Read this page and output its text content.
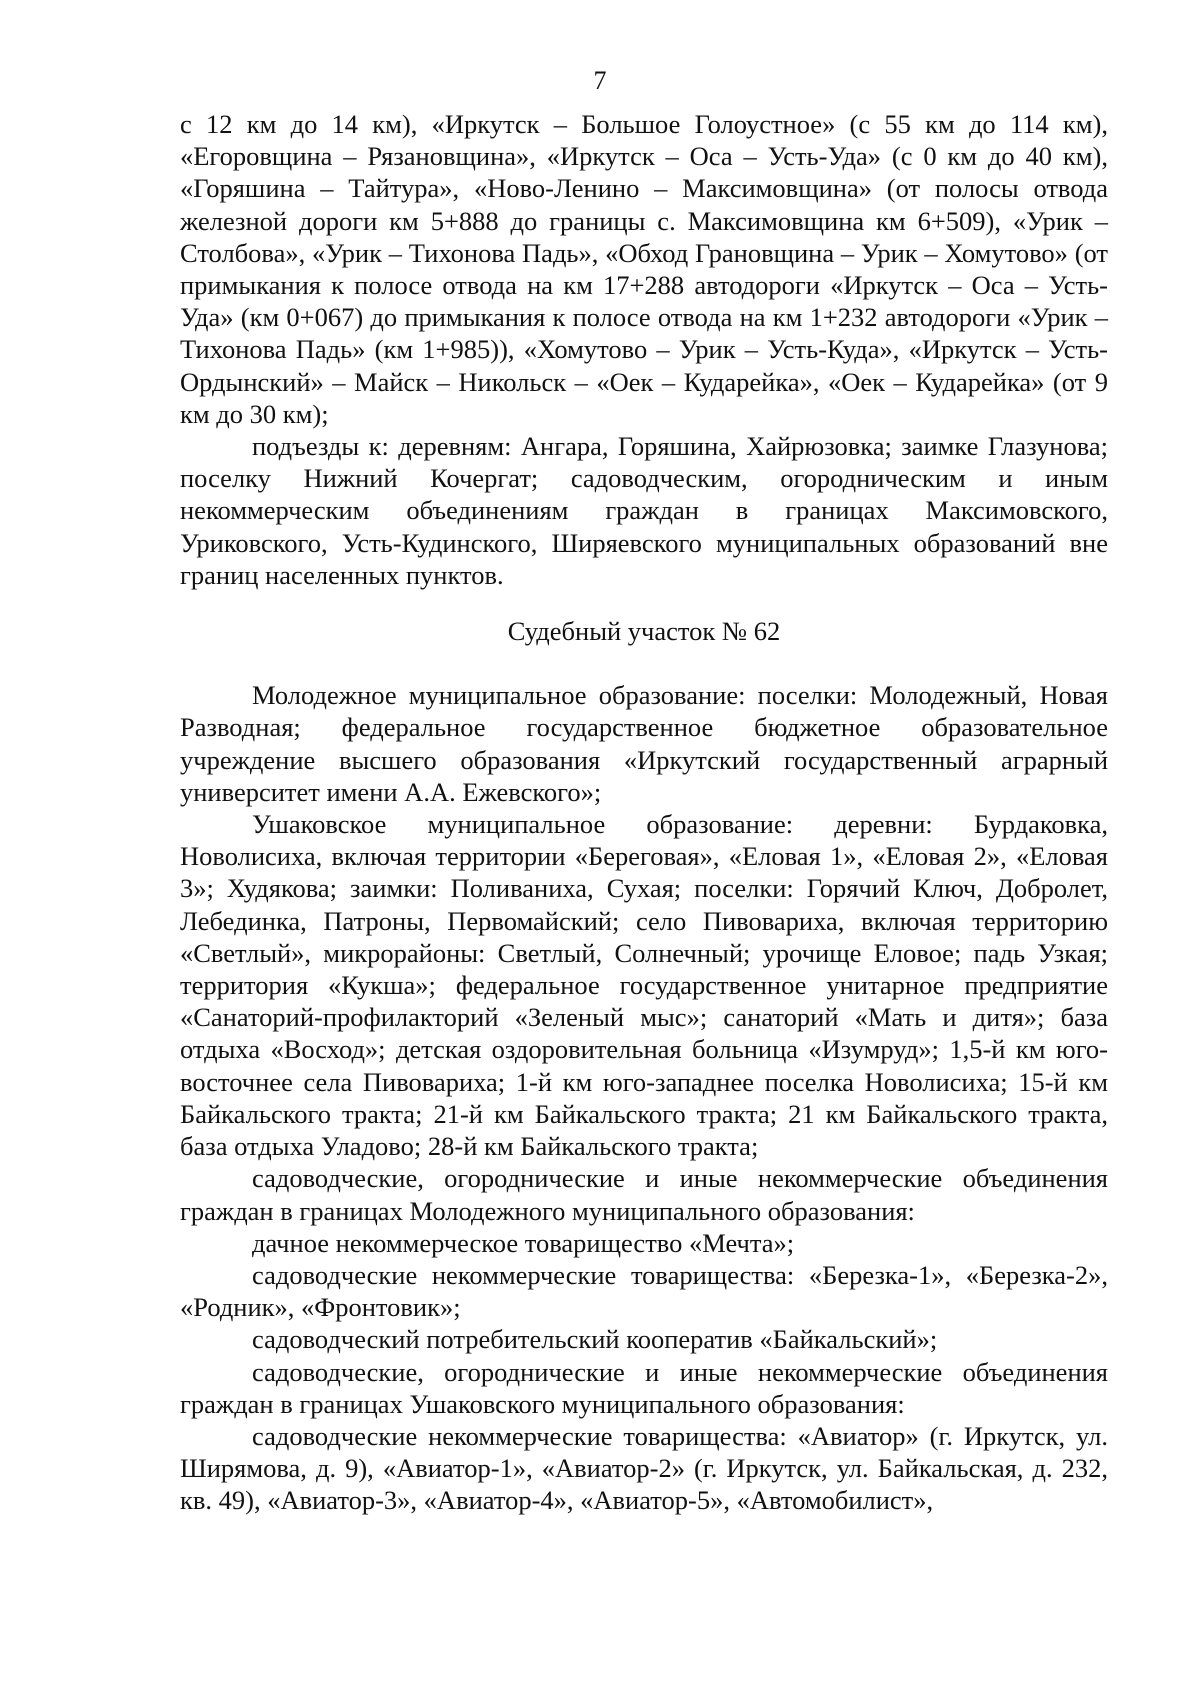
7

с 12 км до 14 км), «Иркутск – Большое Голоустное» (с 55 км до 114 км), «Егоровщина – Рязановщина», «Иркутск – Оса – Усть-Уда» (с 0 км до 40 км), «Горяшина – Тайтура», «Ново-Ленино – Максимовщина» (от полосы отвода железной дороги км 5+888 до границы с. Максимовщина км 6+509), «Урик – Столбова», «Урик – Тихонова Падь», «Обход Грановщина – Урик – Хомутово» (от примыкания к полосе отвода на км 17+288 автодороги «Иркутск – Оса – Усть-Уда» (км 0+067) до примыкания к полосе отвода на км 1+232 автодороги «Урик – Тихонова Падь» (км 1+985)), «Хомутово – Урик – Усть-Куда», «Иркутск – Усть-Ордынский» – Майск – Никольск – «Оек – Кударейка», «Оек – Кударейка» (от 9 км до 30 км);

подъезды к: деревням: Ангара, Горяшина, Хайрюзовка; заимке Глазунова; поселку Нижний Кочергат; садоводческим, огородническим и иным некоммерческим объединениям граждан в границах Максимовского, Уриковского, Усть-Кудинского, Ширяевского муниципальных образований вне границ населенных пунктов.

Судебный участок № 62

Молодежное муниципальное образование: поселки: Молодежный, Новая Разводная; федеральное государственное бюджетное образовательное учреждение высшего образования «Иркутский государственный аграрный университет имени А.А. Ежевского»;

Ушаковское муниципальное образование: деревни: Бурдаковка, Новолисиха, включая территории «Береговая», «Еловая 1», «Еловая 2», «Еловая 3»; Худякова; заимки: Поливаниха, Сухая; поселки: Горячий Ключ, Добролет, Лебединка, Патроны, Первомайский; село Пивовариха, включая территорию «Светлый», микрорайоны: Светлый, Солнечный; урочище Еловое; падь Узкая; территория «Кукша»; федеральное государственное унитарное предприятие «Санаторий-профилакторий «Зеленый мыс»; санаторий «Мать и дитя»; база отдыха «Восход»; детская оздоровительная больница «Изумруд»; 1,5-й км юго-восточнее села Пивовариха; 1-й км юго-западнее поселка Новолисиха; 15-й км Байкальского тракта; 21-й км Байкальского тракта; 21 км Байкальского тракта, база отдыха Уладово; 28-й км Байкальского тракта;

садоводческие, огороднические и иные некоммерческие объединения граждан в границах Молодежного муниципального образования:

дачное некоммерческое товарищество «Мечта»;

садоводческие некоммерческие товарищества: «Березка-1», «Березка-2», «Родник», «Фронтовик»;

садоводческий потребительский кооператив «Байкальский»;

садоводческие, огороднические и иные некоммерческие объединения граждан в границах Ушаковского муниципального образования:

садоводческие некоммерческие товарищества: «Авиатор» (г. Иркутск, ул. Ширямова, д. 9), «Авиатор-1», «Авиатор-2» (г. Иркутск, ул. Байкальская, д. 232, кв. 49), «Авиатор-3», «Авиатор-4», «Авиатор-5», «Автомобилист»,
